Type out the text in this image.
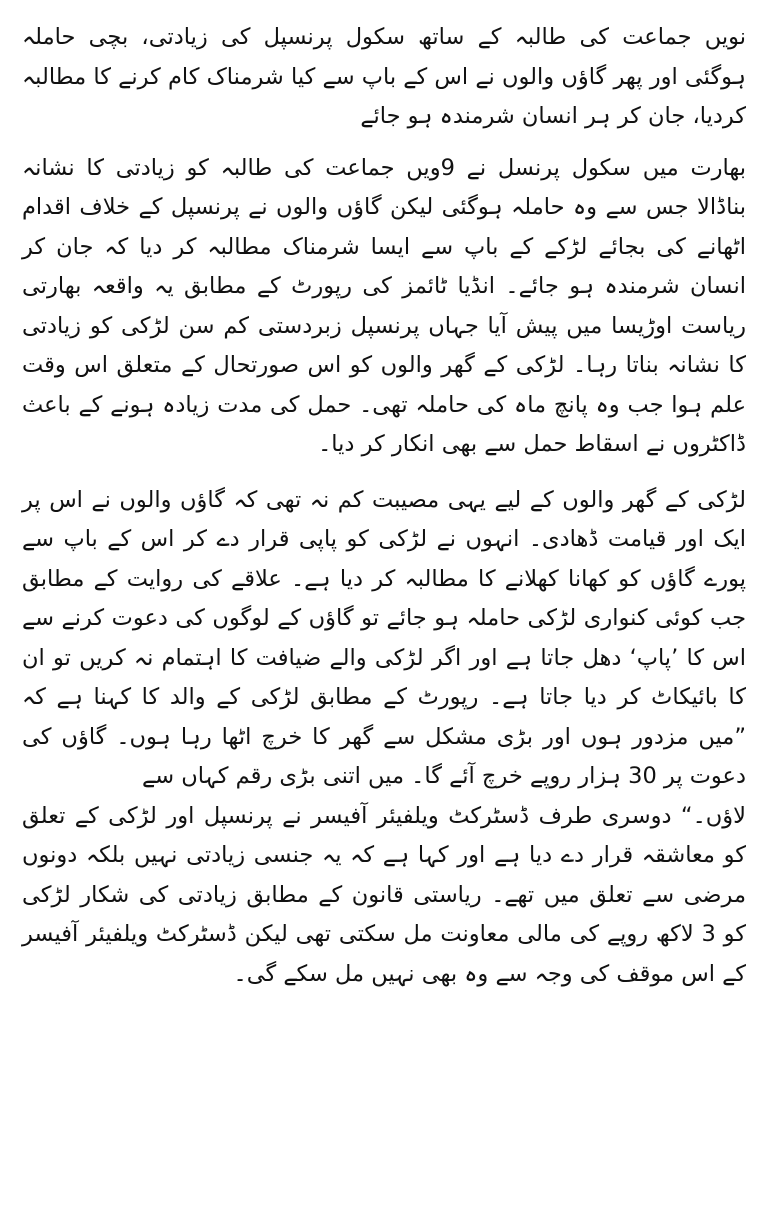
نویں جماعت کی طالبہ کے ساتھ سکول پرنسپل کی زیادتی، بچی حاملہ ہوگئی اور پھر گاؤں والوں نے اس کے باپ سے کیا شرمناک کام کرنے کا مطالبہ کردیا، جان کر ہر انسان شرمندہ ہو جائے

بھارت میں سکول پرنسل نے 9ویں جماعت کی طالبہ کو زیادتی کا نشانہ بناڈالا جس سے وہ حاملہ ہوگئی لیکن گاؤں والوں نے پرنسپل کے خلاف اقدام اٹھانے کی بجائے لڑکے کے باپ سے ایسا شرمناک مطالبہ کر دیا کہ جان کر انسان شرمندہ ہو جائے۔ انڈیا ٹائمز کی رپورٹ کے مطابق یہ واقعہ بھارتی ریاست اوڑیسا میں پیش آیا جہاں پرنسپل زبردستی کم سن لڑکی کو زیادتی کا نشانہ بناتا رہا۔ لڑکی کے گھر والوں کو اس صورتحال کے متعلق اس وقت علم ہوا جب وہ پانچ ماہ کی حاملہ تھی۔ حمل کی مدت زیادہ ہونے کے باعث ڈاکٹروں نے اسقاط حمل سے بھی انکار کر دیا۔

لڑکی کے گھر والوں کے لیے یہی مصیبت کم نہ تھی کہ گاؤں والوں نے اس پر ایک اور قیامت ڈھادی۔ انہوں نے لڑکی کو پاپی قرار دے کر اس کے باپ سے پورے گاؤں کو کھانا کھلانے کا مطالبہ کر دیا ہے۔ علاقے کی روایت کے مطابق جب کوئی کنواری لڑکی حاملہ ہو جائے تو گاؤں کے لوگوں کی دعوت کرنے سے اس کا ’پاپ‘ دھل جاتا ہے اور اگر لڑکی والے ضیافت کا اہتمام نہ کریں تو ان کا بائیکاٹ کر دیا جاتا ہے۔ رپورٹ کے مطابق لڑکی کے والد کا کہنا ہے کہ ”میں مزدور ہوں اور بڑی مشکل سے گھر کا خرچ اٹھا رہا ہوں۔ گاؤں کی دعوت پر 30 ہزار روپے خرچ آئے گا۔ میں اتنی بڑی رقم کہاں سے

لاؤں۔“ دوسری طرف ڈسٹرکٹ ویلفیئر آفیسر نے پرنسپل اور لڑکی کے تعلق کو معاشقہ قرار دے دیا ہے اور کہا ہے کہ یہ جنسی زیادتی نہیں بلکہ دونوں مرضی سے تعلق میں تھے۔ ریاستی قانون کے مطابق زیادتی کی شکار لڑکی کو 3 لاکھ روپے کی مالی معاونت مل سکتی تھی لیکن ڈسٹرکٹ ویلفیئر آفیسر کے اس موقف کی وجہ سے وہ بھی نہیں مل سکے گی۔
